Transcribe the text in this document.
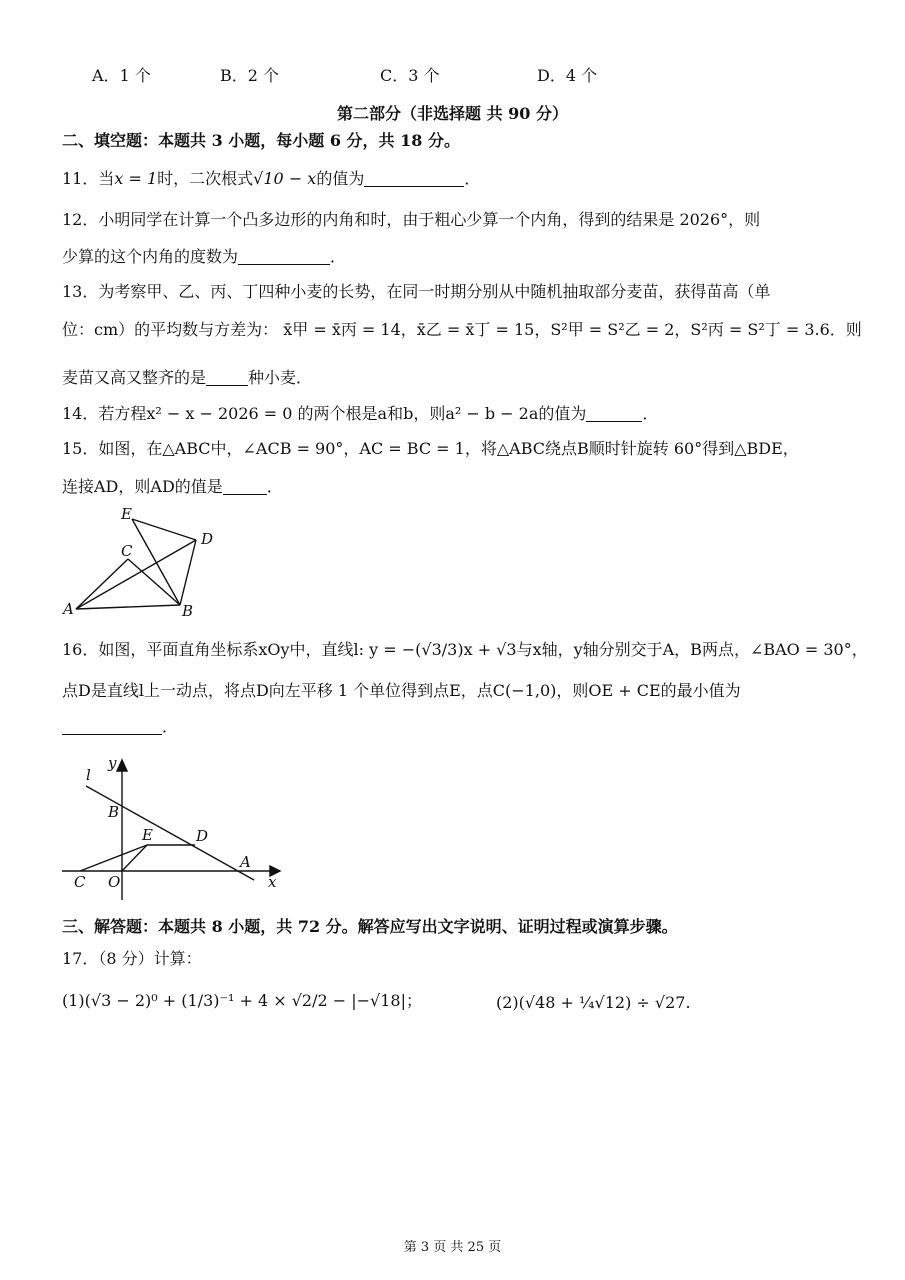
A．1 个	B．2 个	C．3 个	D．4 个
第二部分（非选择题 共 90 分）
二、填空题：本题共 3 小题，每小题 6 分，共 18 分。
11．当x = 1时，二次根式√10 − x的值为	．
12．小明同学在计算一个凸多边形的内角和时，由于粗心少算一个内角，得到的结果是 2026°，则
少算的这个内角的度数为	．
13．为考察甲、乙、丙、丁四种小麦的长势，在同一时期分别从中随机抽取部分麦苗，获得苗高（单
位：cm）的平均数与方差为： x̄甲 = x̄丙 = 14，x̄乙 = x̄丁 = 15，S²甲 = S²乙 = 2，S²丙 = S²丁 = 3.6．则
麦苗又高又整齐的是	种小麦．
14．若方程x² − x − 2026 = 0 的两个根是a和b，则a² − b − 2a的值为	．
15．如图，在△ABC中，∠ACB = 90°，AC = BC = 1，将△ABC绕点B顺时针旋转 60°得到△BDE，
连接AD，则AD的值是	．
E
D
C
A	B
16．如图，平面直角坐标系xOy中，直线l: y = −(√3/3)x + √3与x轴，y轴分别交于A，B两点，∠BAO = 30°，
点D是直线l上一动点，将点D向左平移 1 个单位得到点E，点C(−1,0)，则OE + CE的最小值为
．
l
y
B
E	D
A
C O	x
三、解答题：本题共 8 小题，共 72 分。解答应写出文字说明、证明过程或演算步骤。
17．（8 分）计算：
(1)(√3 − 2)⁰ + (1/3)⁻¹ + 4 × √2/2 − |−√18|；	(2)(√48 + ¼√12) ÷ √27.
第 3 页 共 25 页
